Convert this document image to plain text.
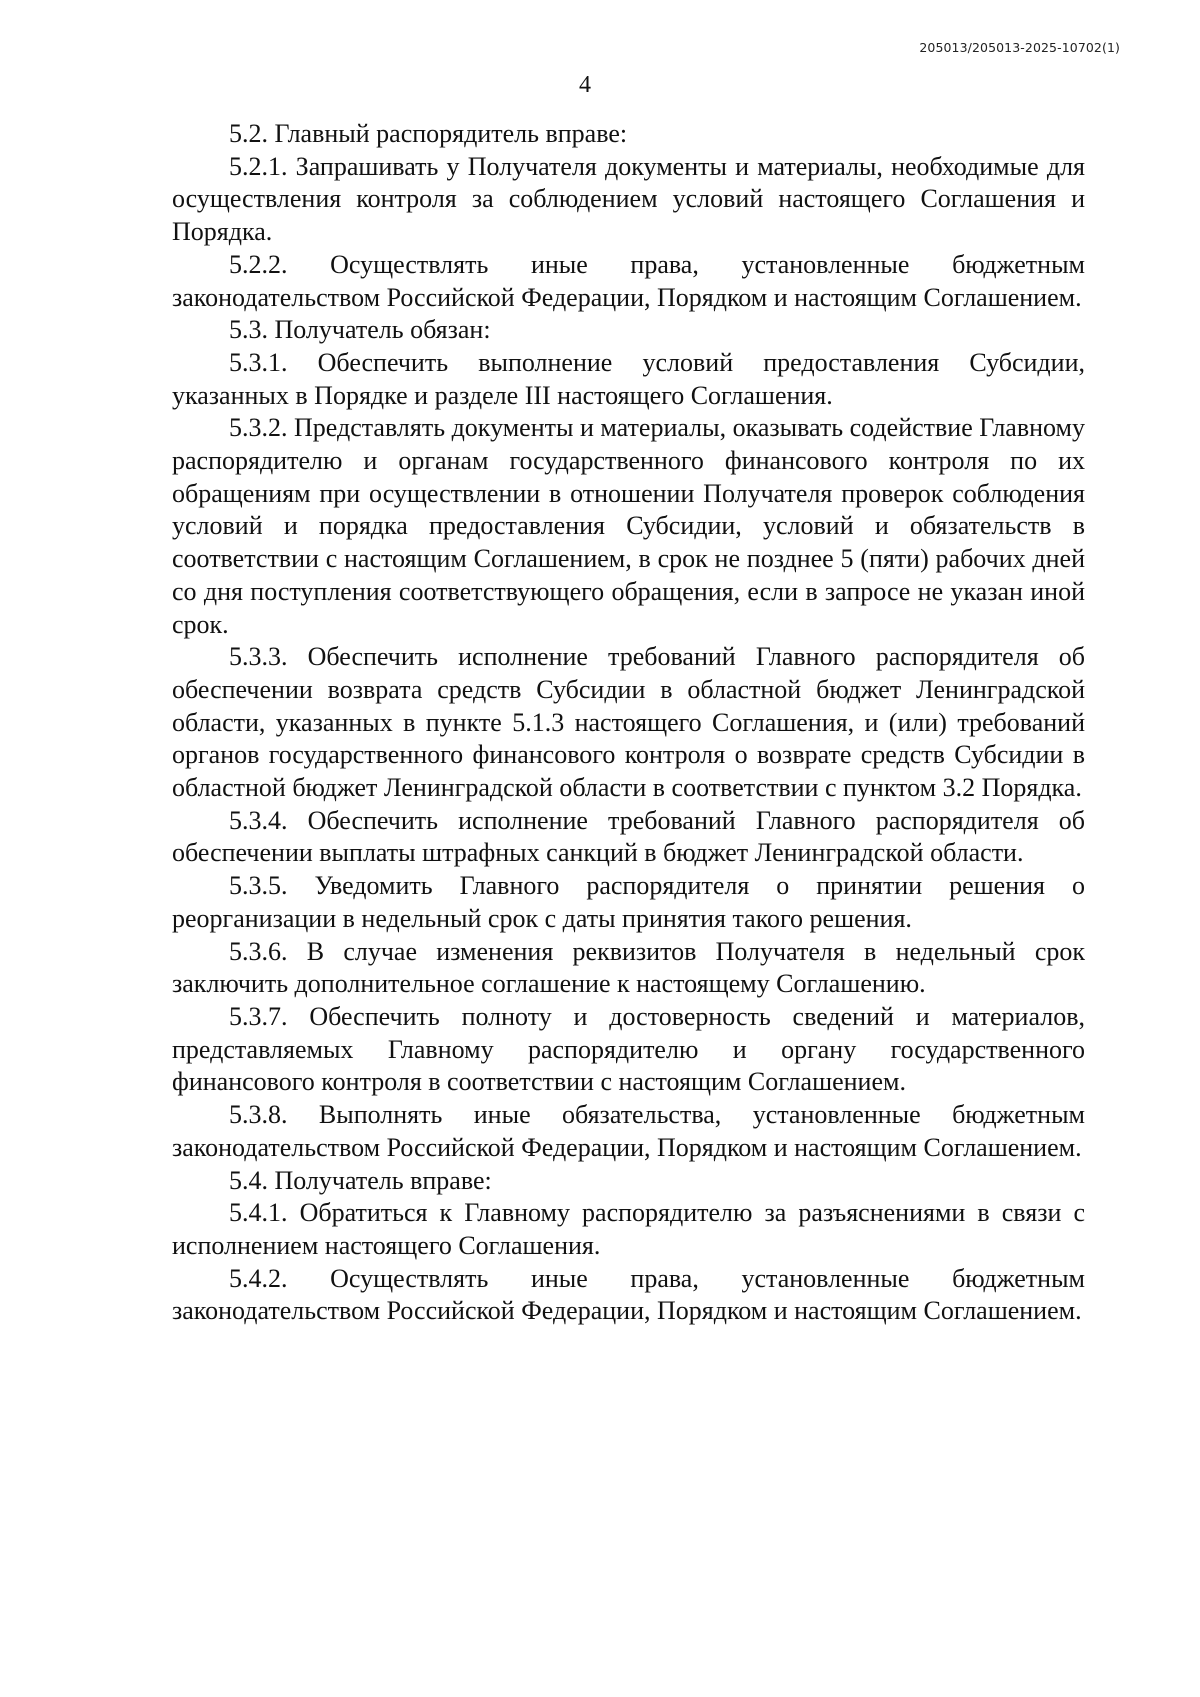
205013/205013-2025-10702(1)
4

5.2. Главный распорядитель вправе:

5.2.1. Запрашивать у Получателя документы и материалы, необходимые для осуществления контроля за соблюдением условий настоящего Соглашения и Порядка.

5.2.2. Осуществлять иные права, установленные бюджетным законодательством Российской Федерации, Порядком и настоящим Соглашением.

5.3. Получатель обязан:

5.3.1. Обеспечить выполнение условий предоставления Субсидии, указанных в Порядке и разделе III настоящего Соглашения.

5.3.2. Представлять документы и материалы, оказывать содействие Главному распорядителю и органам государственного финансового контроля по их обращениям при осуществлении в отношении Получателя проверок соблюдения условий и порядка предоставления Субсидии, условий и обязательств в соответствии с настоящим Соглашением, в срок не позднее 5 (пяти) рабочих дней со дня поступления соответствующего обращения, если в запросе не указан иной срок.

5.3.3. Обеспечить исполнение требований Главного распорядителя об обеспечении возврата средств Субсидии в областной бюджет Ленинградской области, указанных в пункте 5.1.3 настоящего Соглашения, и (или) требований органов государственного финансового контроля о возврате средств Субсидии в областной бюджет Ленинградской области в соответствии с пунктом 3.2 Порядка.

5.3.4. Обеспечить исполнение требований Главного распорядителя об обеспечении выплаты штрафных санкций в бюджет Ленинградской области.

5.3.5. Уведомить Главного распорядителя о принятии решения о реорганизации в недельный срок с даты принятия такого решения.

5.3.6. В случае изменения реквизитов Получателя в недельный срок заключить дополнительное соглашение к настоящему Соглашению.

5.3.7. Обеспечить полноту и достоверность сведений и материалов, представляемых Главному распорядителю и органу государственного финансового контроля в соответствии с настоящим Соглашением.

5.3.8. Выполнять иные обязательства, установленные бюджетным законодательством Российской Федерации, Порядком и настоящим Соглашением.

5.4. Получатель вправе:

5.4.1. Обратиться к Главному распорядителю за разъяснениями в связи с исполнением настоящего Соглашения.

5.4.2. Осуществлять иные права, установленные бюджетным законодательством Российской Федерации, Порядком и настоящим Соглашением.
